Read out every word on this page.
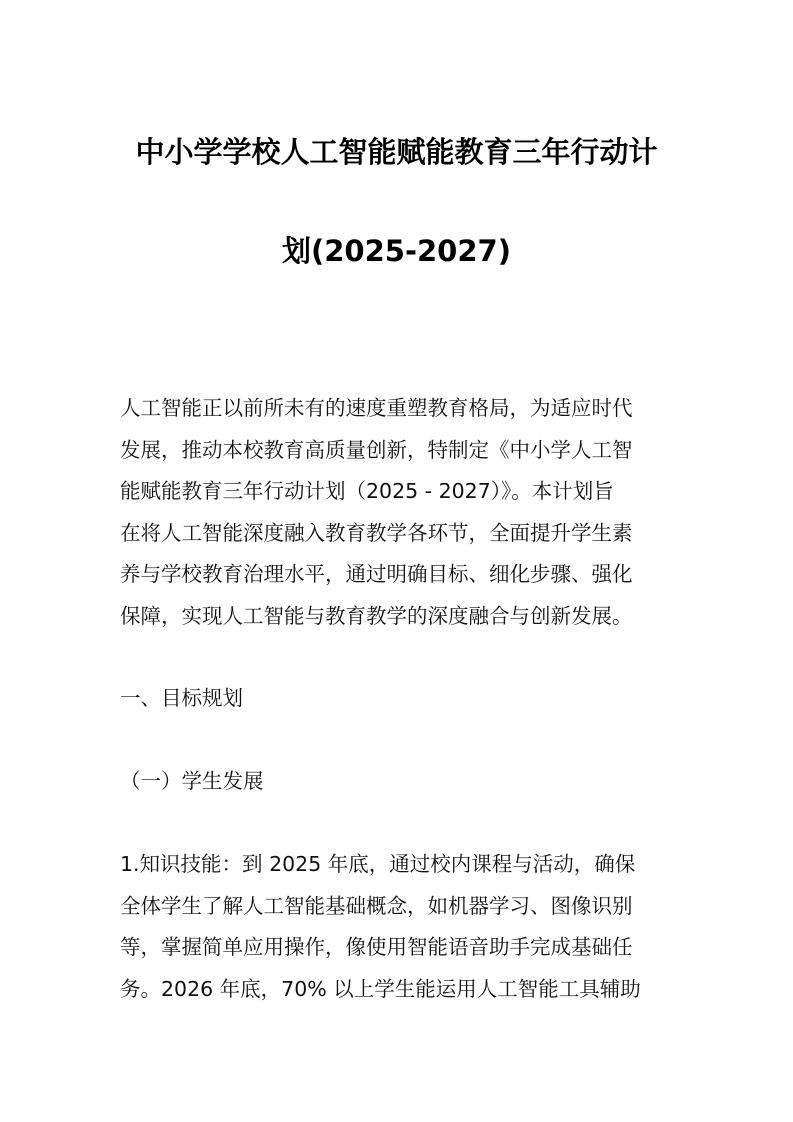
中小学学校人工智能赋能教育三年行动计
划(2025-2027)
人工智能正以前所未有的速度重塑教育格局，为适应时代
发展，推动本校教育高质量创新，特制定《中小学人工智
能赋能教育三年行动计划（2025 - 2027）》。本计划旨
在将人工智能深度融入教育教学各环节，全面提升学生素
养与学校教育治理水平，通过明确目标、细化步骤、强化
保障，实现人工智能与教育教学的深度融合与创新发展。
一、目标规划
（一）学生发展
1.知识技能：到 2025 年底，通过校内课程与活动，确保
全体学生了解人工智能基础概念，如机器学习、图像识别
等，掌握简单应用操作，像使用智能语音助手完成基础任
务。2026 年底，70% 以上学生能运用人工智能工具辅助
